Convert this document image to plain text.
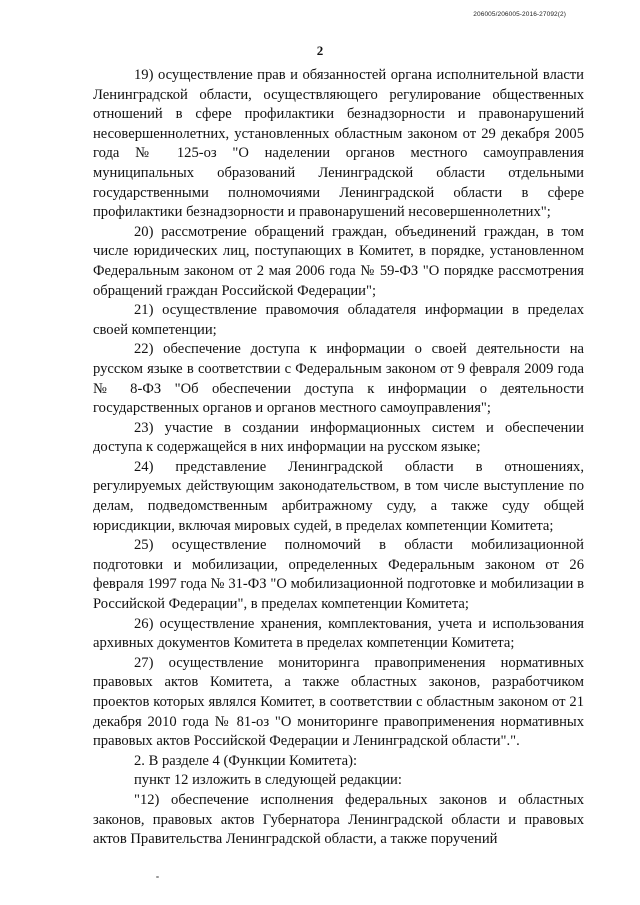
206005/206005-2016-27092(2)
2

19) осуществление прав и обязанностей органа исполнительной власти Ленинградской области, осуществляющего регулирование общественных отношений в сфере профилактики безнадзорности и правонарушений несовершеннолетних, установленных областным законом от 29 декабря 2005 года № 125-оз "О наделении органов местного самоуправления муниципальных образований Ленинградской области отдельными государственными полномочиями Ленинградской области в сфере профилактики безнадзорности и правонарушений несовершеннолетних";

20) рассмотрение обращений граждан, объединений граждан, в том числе юридических лиц, поступающих в Комитет, в порядке, установленном Федеральным законом от 2 мая 2006 года № 59-ФЗ "О порядке рассмотрения обращений граждан Российской Федерации";

21) осуществление правомочия обладателя информации в пределах своей компетенции;

22) обеспечение доступа к информации о своей деятельности на русском языке в соответствии с Федеральным законом от 9 февраля 2009 года № 8-ФЗ "Об обеспечении доступа к информации о деятельности государственных органов и органов местного самоуправления";

23) участие в создании информационных систем и обеспечении доступа к содержащейся в них информации на русском языке;

24) представление Ленинградской области в отношениях, регулируемых действующим законодательством, в том числе выступление по делам, подведомственным арбитражному суду, а также суду общей юрисдикции, включая мировых судей, в пределах компетенции Комитета;

25) осуществление полномочий в области мобилизационной подготовки и мобилизации, определенных Федеральным законом от 26 февраля 1997 года № 31-ФЗ "О мобилизационной подготовке и мобилизации в Российской Федерации", в пределах компетенции Комитета;

26) осуществление хранения, комплектования, учета и использования архивных документов Комитета в пределах компетенции Комитета;

27) осуществление мониторинга правоприменения нормативных правовых актов Комитета, а также областных законов, разработчиком проектов которых являлся Комитет, в соответствии с областным законом от 21 декабря 2010 года № 81-оз "О мониторинге правоприменения нормативных правовых актов Российской Федерации и Ленинградской области".".

2. В разделе 4 (Функции Комитета):

пункт 12 изложить в следующей редакции:

"12) обеспечение исполнения федеральных законов и областных законов, правовых актов Губернатора Ленинградской области и правовых актов Правительства Ленинградской области, а также поручений
